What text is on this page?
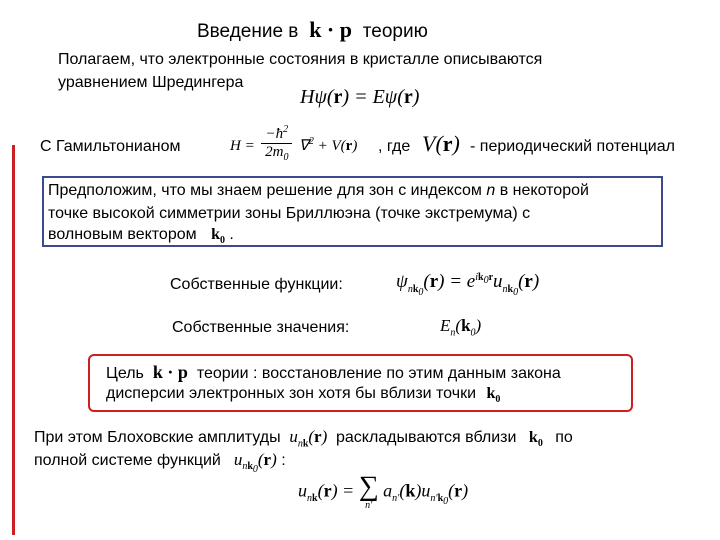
Введение в  k · p  теорию
Полагаем, что электронные состояния в кристалле описываются
уравнением Шредингера
Hψ(r) = Eψ(r)
С Гамильтонианом	$H = \frac{-ħ^2}{2m_0} \nabla^2 + V(r)$ , где V(r) - периодический потенциал
Предположим, что мы знаем решение для зон с индексом n в некоторой
точке высокой симметрии зоны Бриллюэна (точке экстремума) с
волновым вектором $k_0$ .
Собственные функции:	$\psi_{nk_0}(r) = e^{ik_0r}u_{nk_0}(r)$
Собственные значения:	$E_n(k_0)$
Цель  k · p  теории : восстановление по этим данным закона
дисперсии электронных зон хотя бы вблизи точки $k_0$
При этом Блоховские амплитуды  $u_{nk}(r)$  раскладываются вблизи $k_0$ по
полной системе функций   $u_{nk_0}(r)$ :
$u_{nk}(r)$ = ∑
n′
$a_{n'}(k)u_{n'k_0}(r)$
